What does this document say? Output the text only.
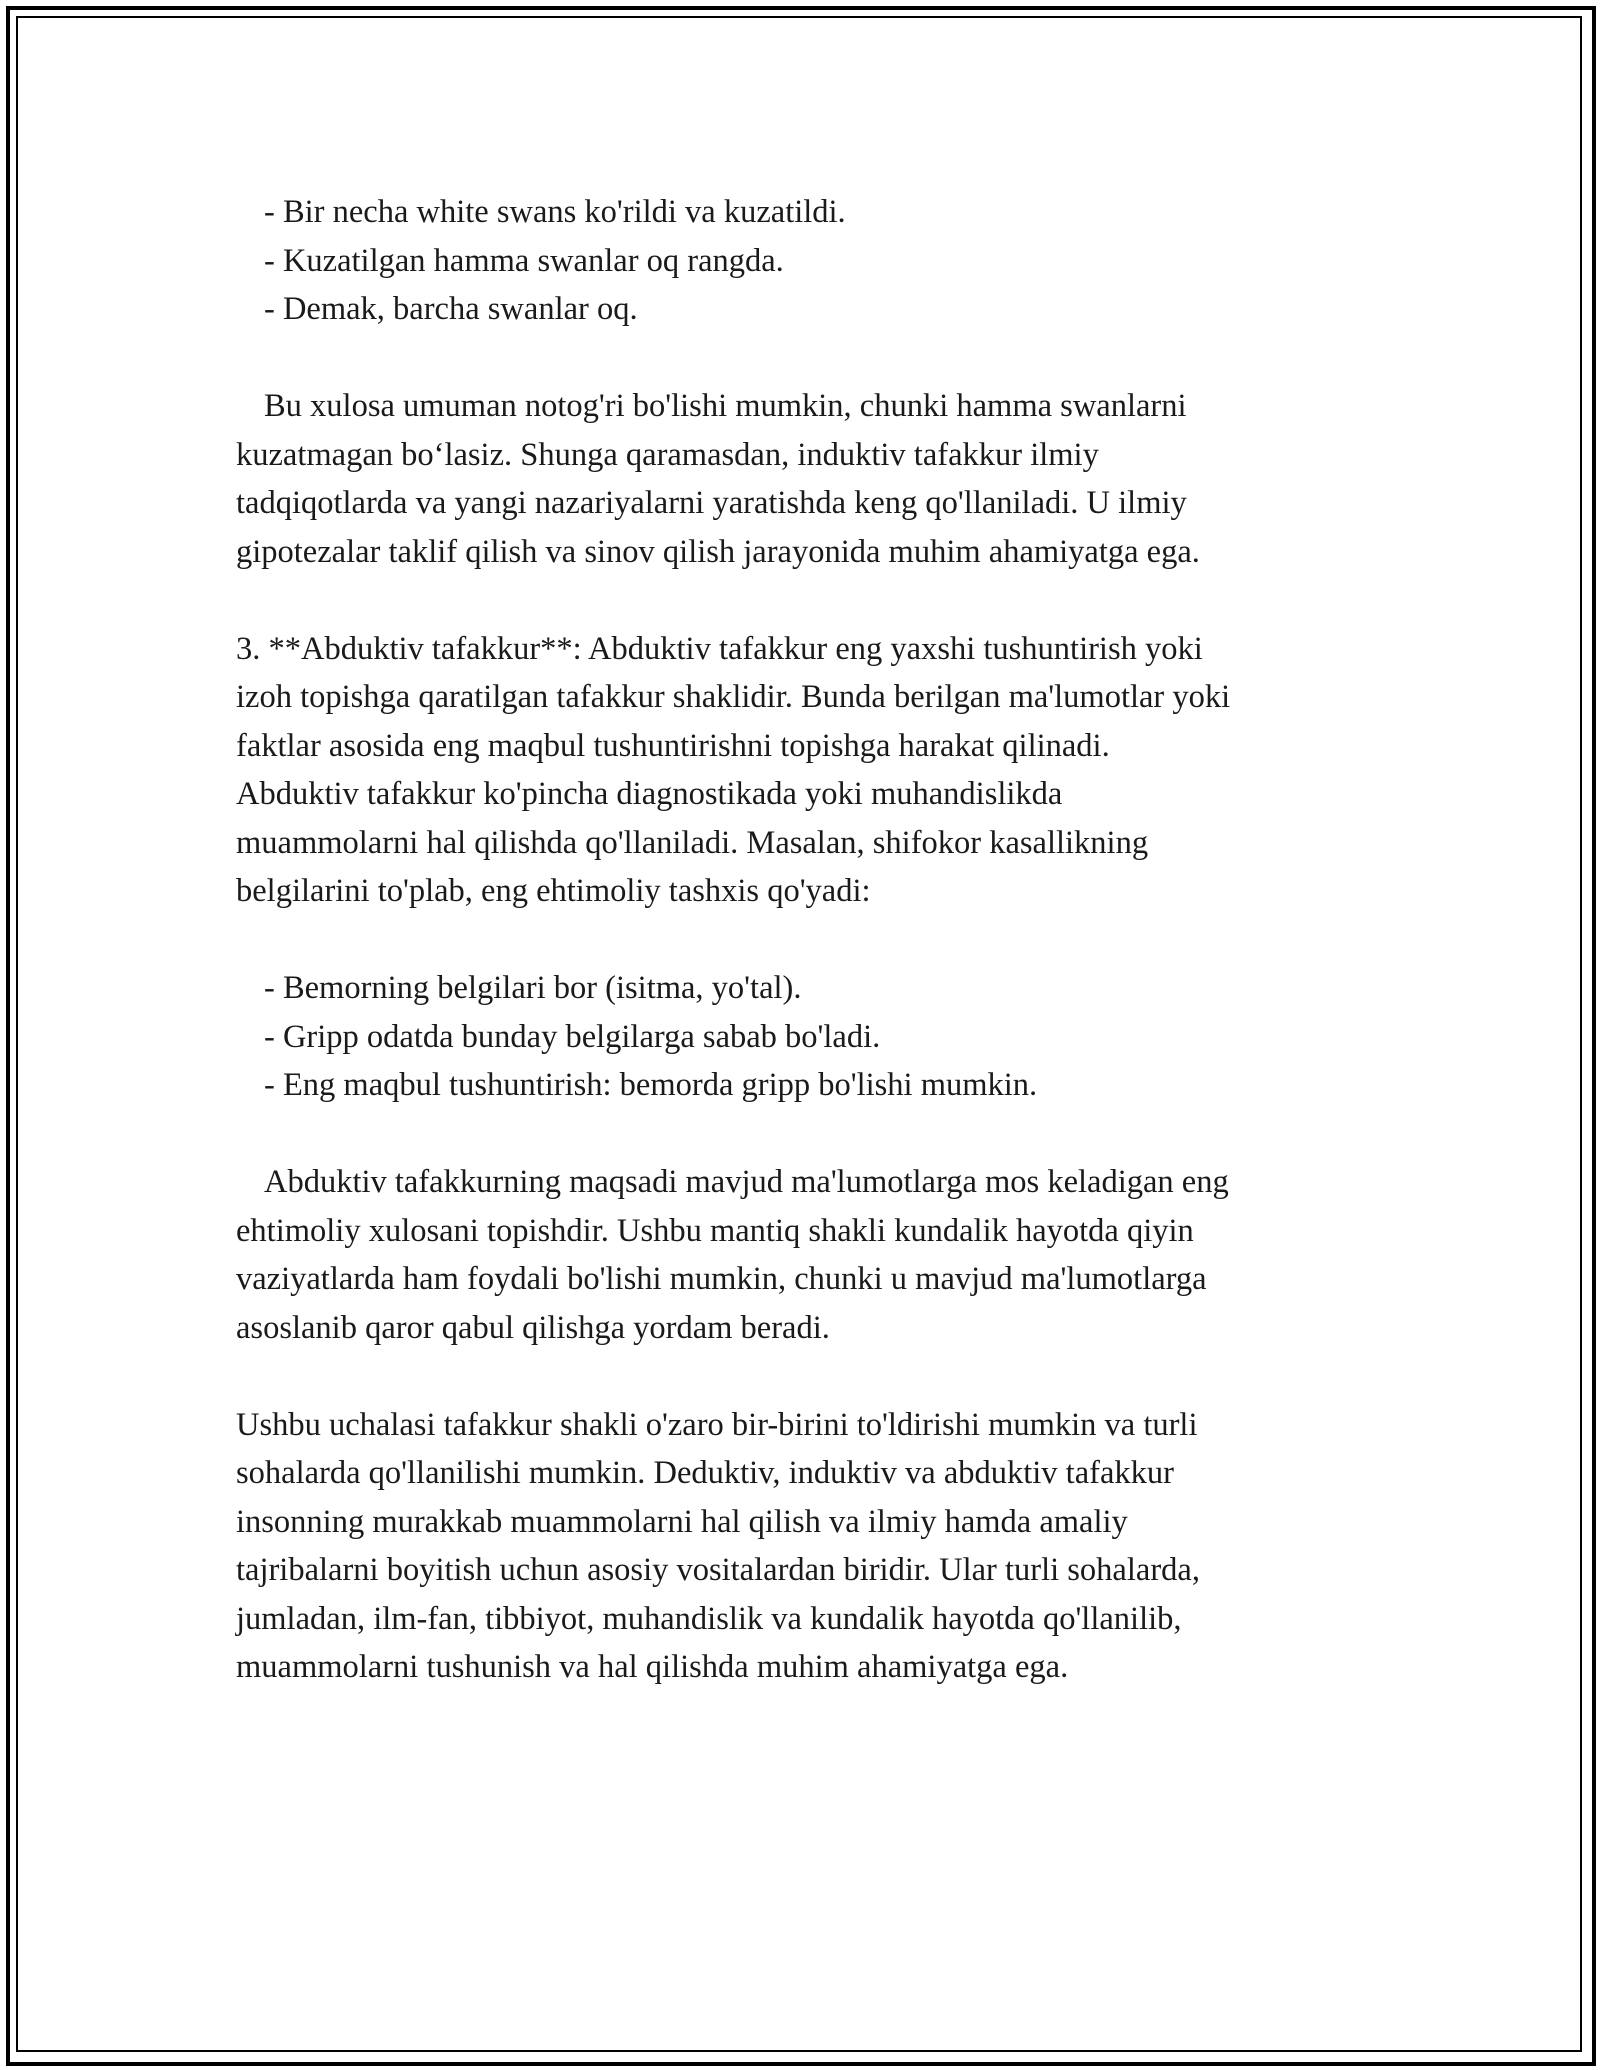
- Bir necha white swans ko'rildi va kuzatildi.
- Kuzatilgan hamma swanlar oq rangda.
- Demak, barcha swanlar oq.
Bu xulosa umuman notog'ri bo'lishi mumkin, chunki hamma swanlarni
kuzatmagan bo‘lasiz. Shunga qaramasdan, induktiv tafakkur ilmiy
tadqiqotlarda va yangi nazariyalarni yaratishda keng qo'llaniladi. U ilmiy
gipotezalar taklif qilish va sinov qilish jarayonida muhim ahamiyatga ega.
3. **Abduktiv tafakkur**: Abduktiv tafakkur eng yaxshi tushuntirish yoki
izoh topishga qaratilgan tafakkur shaklidir. Bunda berilgan ma'lumotlar yoki
faktlar asosida eng maqbul tushuntirishni topishga harakat qilinadi.
Abduktiv tafakkur ko'pincha diagnostikada yoki muhandislikda
muammolarni hal qilishda qo'llaniladi. Masalan, shifokor kasallikning
belgilarini to'plab, eng ehtimoliy tashxis qo'yadi:
- Bemorning belgilari bor (isitma, yo'tal).
- Gripp odatda bunday belgilarga sabab bo'ladi.
- Eng maqbul tushuntirish: bemorda gripp bo'lishi mumkin.
Abduktiv tafakkurning maqsadi mavjud ma'lumotlarga mos keladigan eng
ehtimoliy xulosani topishdir. Ushbu mantiq shakli kundalik hayotda qiyin
vaziyatlarda ham foydali bo'lishi mumkin, chunki u mavjud ma'lumotlarga
asoslanib qaror qabul qilishga yordam beradi.
Ushbu uchalasi tafakkur shakli o'zaro bir-birini to'ldirishi mumkin va turli
sohalarda qo'llanilishi mumkin. Deduktiv, induktiv va abduktiv tafakkur
insonning murakkab muammolarni hal qilish va ilmiy hamda amaliy
tajribalarni boyitish uchun asosiy vositalardan biridir. Ular turli sohalarda,
jumladan, ilm-fan, tibbiyot, muhandislik va kundalik hayotda qo'llanilib,
muammolarni tushunish va hal qilishda muhim ahamiyatga ega.
